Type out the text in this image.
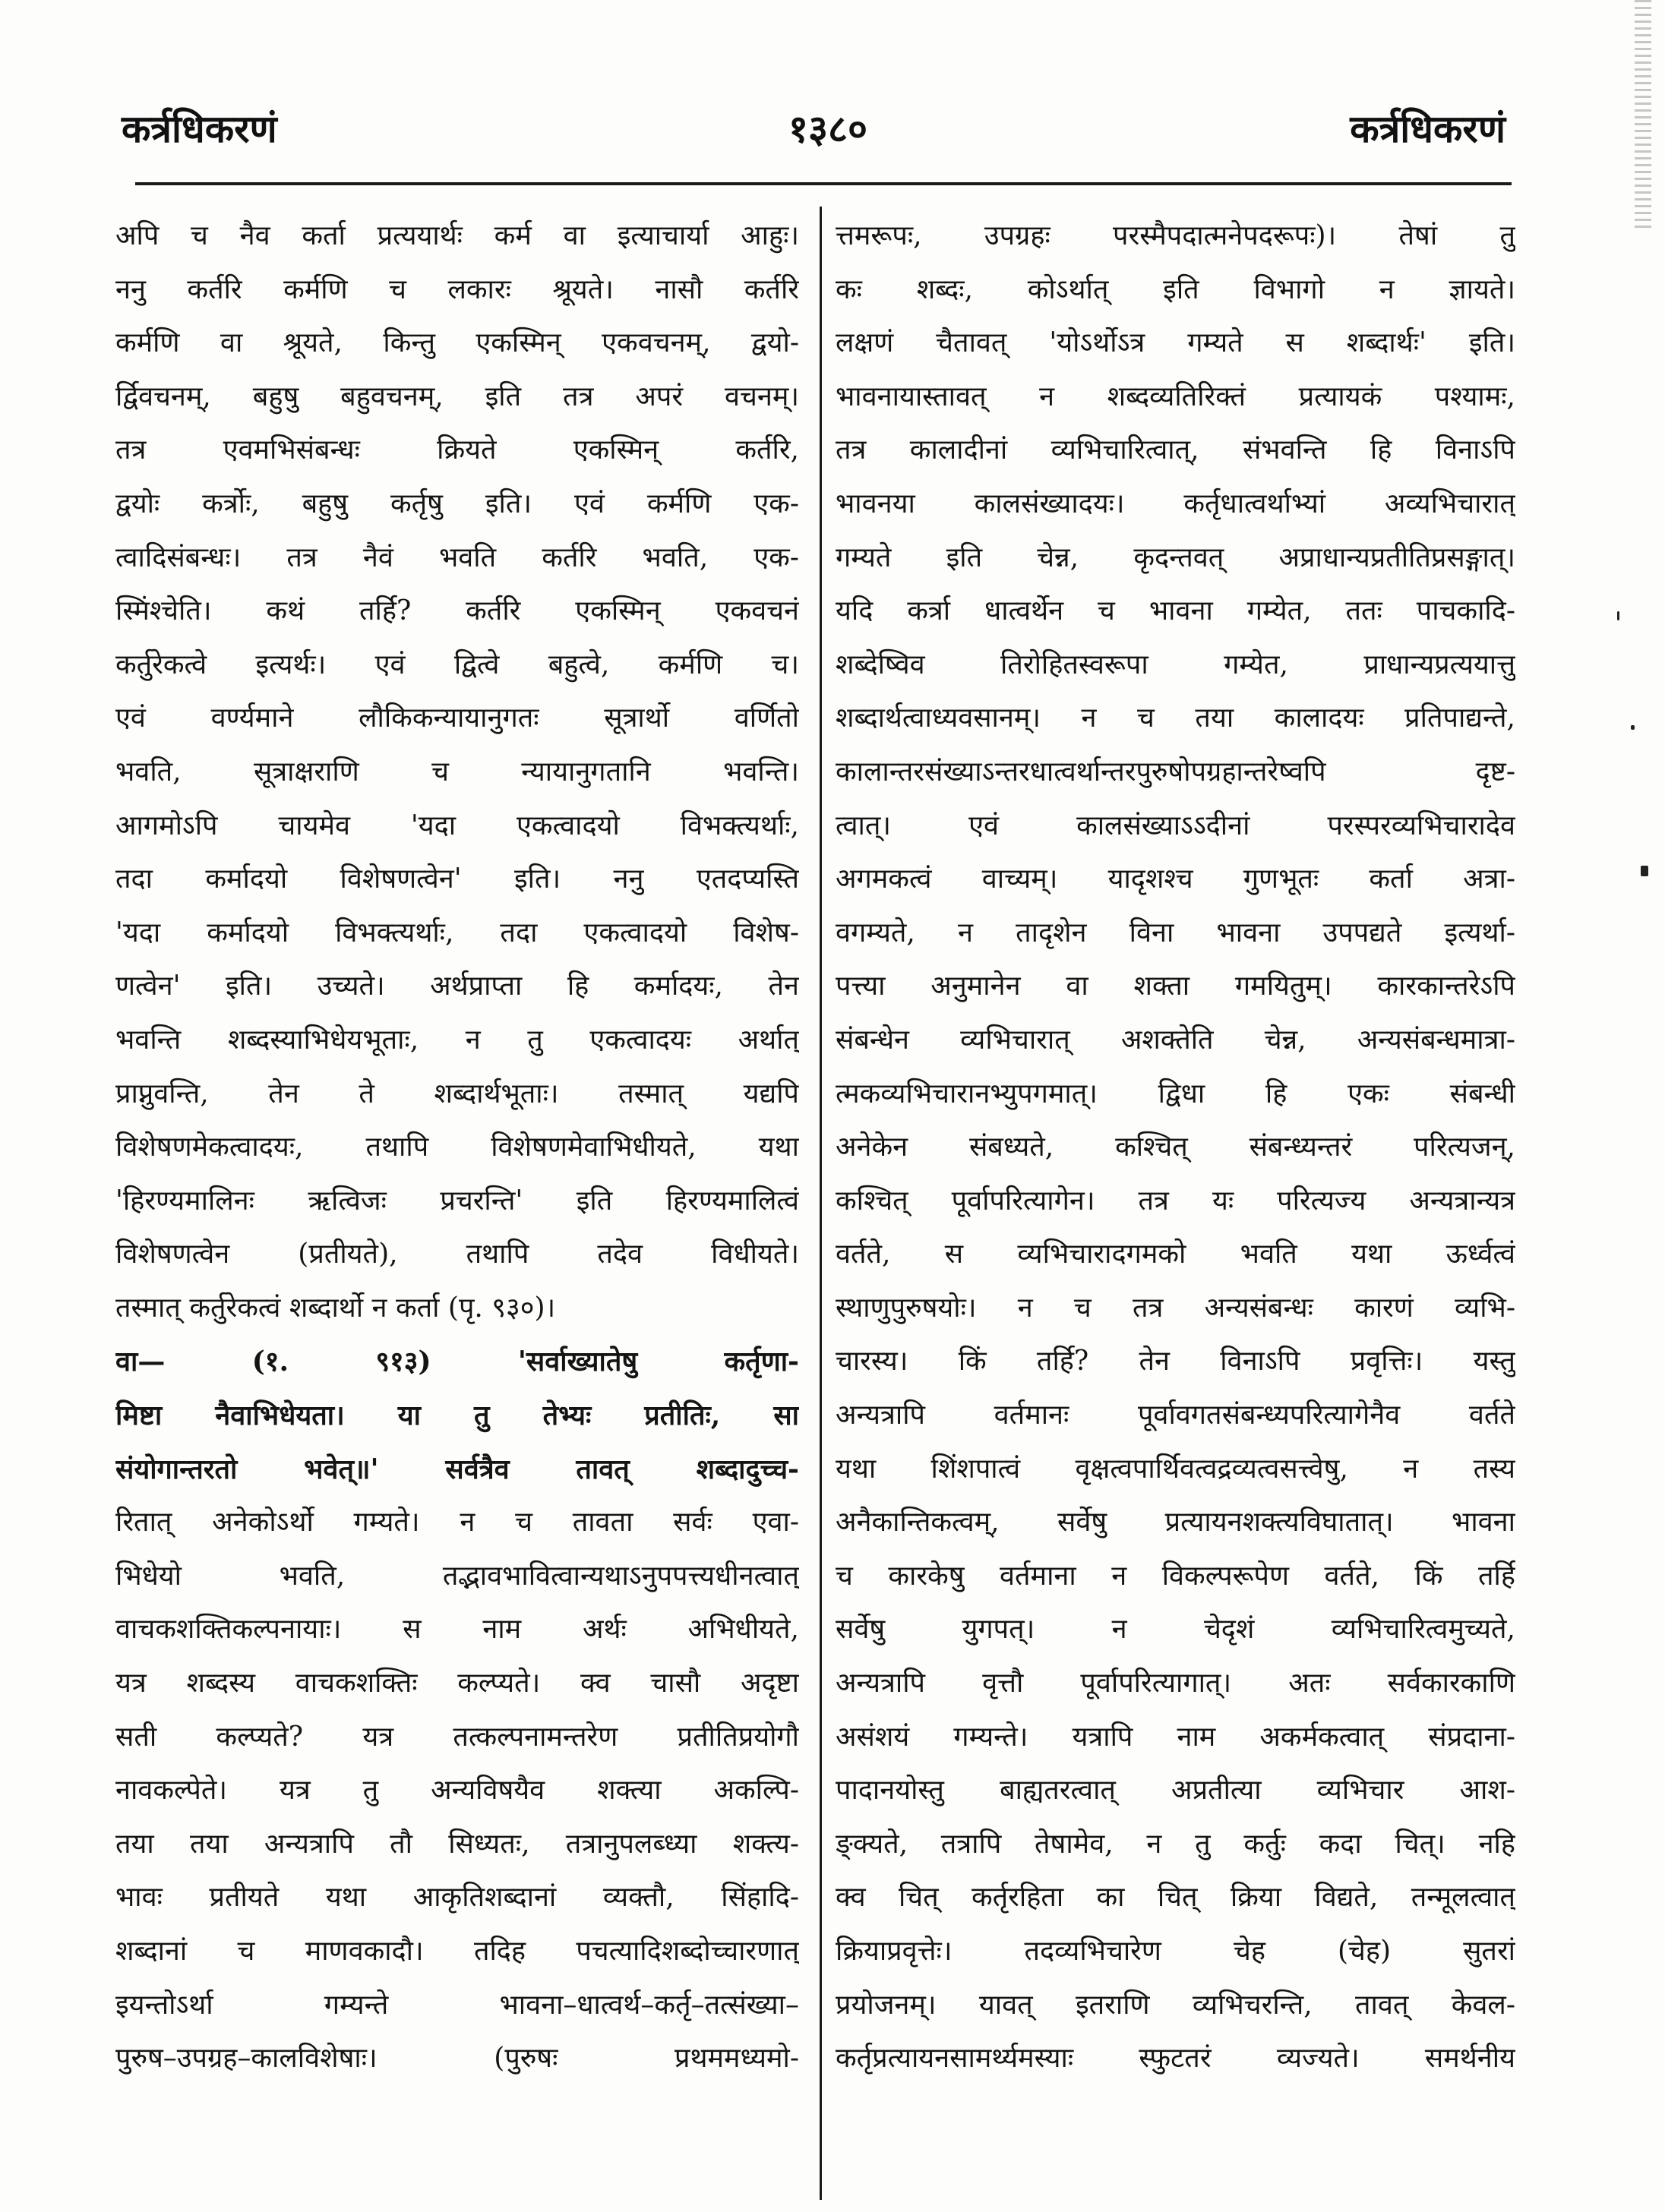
कर्त्रधिकरणं	१३८०	कर्त्रधिकरणं
अपि च नैव कर्ता प्रत्ययार्थः कर्म वा इत्याचार्या आहुः।
ननु कर्तरि कर्मणि च लकारः श्रूयते। नासौ कर्तरि
कर्मणि वा श्रूयते, किन्तु एकस्मिन् एकवचनम्, द्वयो-
र्द्विवचनम्, बहुषु बहुवचनम्, इति तत्र अपरं वचनम्।
तत्र एवमभिसंबन्धः क्रियते एकस्मिन् कर्तरि,
द्वयोः कर्त्रोः, बहुषु कर्तृषु इति। एवं कर्मणि एक-
त्वादिसंबन्धः। तत्र नैवं भवति कर्तरि भवति, एक-
स्मिंश्चेति। कथं तर्हि? कर्तरि एकस्मिन् एकवचनं
कर्तुरेकत्वे इत्यर्थः। एवं द्वित्वे बहुत्वे, कर्मणि च।
एवं वर्ण्यमाने लौकिकन्यायानुगतः सूत्रार्थो वर्णितो
भवति, सूत्राक्षराणि च न्यायानुगतानि भवन्ति।
आगमोऽपि चायमेव 'यदा एकत्वादयो विभक्त्यर्थाः,
तदा कर्मादयो विशेषणत्वेन' इति। ननु एतदप्यस्ति
'यदा कर्मादयो विभक्त्यर्थाः, तदा एकत्वादयो विशेष-
णत्वेन' इति। उच्यते। अर्थप्राप्ता हि कर्मादयः, तेन
भवन्ति शब्दस्याभिधेयभूताः, न तु एकत्वादयः अर्थात्
प्राप्नुवन्ति, तेन ते शब्दार्थभूताः। तस्मात् यद्यपि
विशेषणमेकत्वादयः, तथापि विशेषणमेवाभिधीयते, यथा
'हिरण्यमालिनः ऋत्विजः प्रचरन्ति' इति हिरण्यमालित्वं
विशेषणत्वेन (प्रतीयते), तथापि तदेव विधीयते।
तस्मात् कर्तुरेकत्वं शब्दार्थो न कर्ता (पृ. ९३०)।
वा— (१. ९१३) 'सर्वाख्यातेषु कर्तृणा-
मिष्टा नैवाभिधेयता। या तु तेभ्यः प्रतीतिः, सा
संयोगान्तरतो भवेत्॥' सर्वत्रैव तावत् शब्दादुच्च-
रितात् अनेकोऽर्थो गम्यते। न च तावता सर्वः एवा-
भिधेयो भवति, तद्भावभावित्वान्यथाऽनुपपत्त्यधीनत्वात्
वाचकशक्तिकल्पनायाः। स नाम अर्थः अभिधीयते,
यत्र शब्दस्य वाचकशक्तिः कल्प्यते। क्व चासौ अदृष्टा
सती कल्प्यते? यत्र तत्कल्पनामन्तरेण प्रतीतिप्रयोगौ
नावकल्पेते। यत्र तु अन्यविषयैव शक्त्या अकल्पि-
तया तया अन्यत्रापि तौ सिध्यतः, तत्रानुपलब्ध्या शक्त्य-
भावः प्रतीयते यथा आकृतिशब्दानां व्यक्तौ, सिंहादि-
शब्दानां च माणवकादौ। तदिह पचत्यादिशब्दोच्चारणात्
इयन्तोऽर्था गम्यन्ते भावना–धात्वर्थ–कर्तृ–तत्संख्या–
पुरुष–उपग्रह–कालविशेषाः। (पुरुषः प्रथममध्यमो-
त्तमरूपः, उपग्रहः परस्मैपदात्मनेपदरूपः)। तेषां तु
कः शब्दः, कोऽर्थात् इति विभागो न ज्ञायते।
लक्षणं चैतावत् 'योऽर्थोऽत्र गम्यते स शब्दार्थः' इति।
भावनायास्तावत् न शब्दव्यतिरिक्तं प्रत्यायकं पश्यामः,
तत्र कालादीनां व्यभिचारित्वात्, संभवन्ति हि विनाऽपि
भावनया कालसंख्यादयः। कर्तृधात्वर्थाभ्यां अव्यभिचारात्
गम्यते इति चेन्न, कृदन्तवत् अप्राधान्यप्रतीतिप्रसङ्गात्।
यदि कर्त्रा धात्वर्थेन च भावना गम्येत, ततः पाचकादि-
शब्देष्विव तिरोहितस्वरूपा गम्येत, प्राधान्यप्रत्ययात्तु
शब्दार्थत्वाध्यवसानम्। न च तया कालादयः प्रतिपाद्यन्ते,
कालान्तरसंख्याऽन्तरधात्वर्थान्तरपुरुषोपग्रहान्तरेष्वपि दृष्ट-
त्वात्। एवं कालसंख्याऽऽदीनां परस्परव्यभिचारादेव
अगमकत्वं वाच्यम्। यादृशश्च गुणभूतः कर्ता अत्रा-
वगम्यते, न तादृशेन विना भावना उपपद्यते इत्यर्था-
पत्त्या अनुमानेन वा शक्ता गमयितुम्। कारकान्तरेऽपि
संबन्धेन व्यभिचारात् अशक्तेति चेन्न, अन्यसंबन्धमात्रा-
त्मकव्यभिचारानभ्युपगमात्। द्विधा हि एकः संबन्धी
अनेकेन संबध्यते, कश्चित् संबन्ध्यन्तरं परित्यजन्,
कश्चित् पूर्वापरित्यागेन। तत्र यः परित्यज्य अन्यत्रान्यत्र
वर्तते, स व्यभिचारादगमको भवति यथा ऊर्ध्वत्वं
स्थाणुपुरुषयोः। न च तत्र अन्यसंबन्धः कारणं व्यभि-
चारस्य। किं तर्हि? तेन विनाऽपि प्रवृत्तिः। यस्तु
अन्यत्रापि वर्तमानः पूर्वावगतसंबन्ध्यपरित्यागेनैव वर्तते
यथा शिंशपात्वं वृक्षत्वपार्थिवत्वद्रव्यत्वसत्त्वेषु, न तस्य
अनैकान्तिकत्वम्, सर्वेषु प्रत्यायनशक्त्यविघातात्। भावना
च कारकेषु वर्तमाना न विकल्परूपेण वर्तते, किं तर्हि
सर्वेषु युगपत्। न चेदृशं व्यभिचारित्वमुच्यते,
अन्यत्रापि वृत्तौ पूर्वापरित्यागात्। अतः सर्वकारकाणि
असंशयं गम्यन्ते। यत्रापि नाम अकर्मकत्वात् संप्रदाना-
पादानयोस्तु बाह्यतरत्वात् अप्रतीत्या व्यभिचार आश-
ङ्क्यते, तत्रापि तेषामेव, न तु कर्तुः कदा चित्। नहि
क्व चित् कर्तृरहिता का चित् क्रिया विद्यते, तन्मूलत्वात्
क्रियाप्रवृत्तेः। तदव्यभिचारेण चेह (चेह) सुतरां
प्रयोजनम्। यावत् इतराणि व्यभिचरन्ति, तावत् केवल-
कर्तृप्रत्यायनसामर्थ्यमस्याः स्फुटतरं व्यज्यते। समर्थनीय
